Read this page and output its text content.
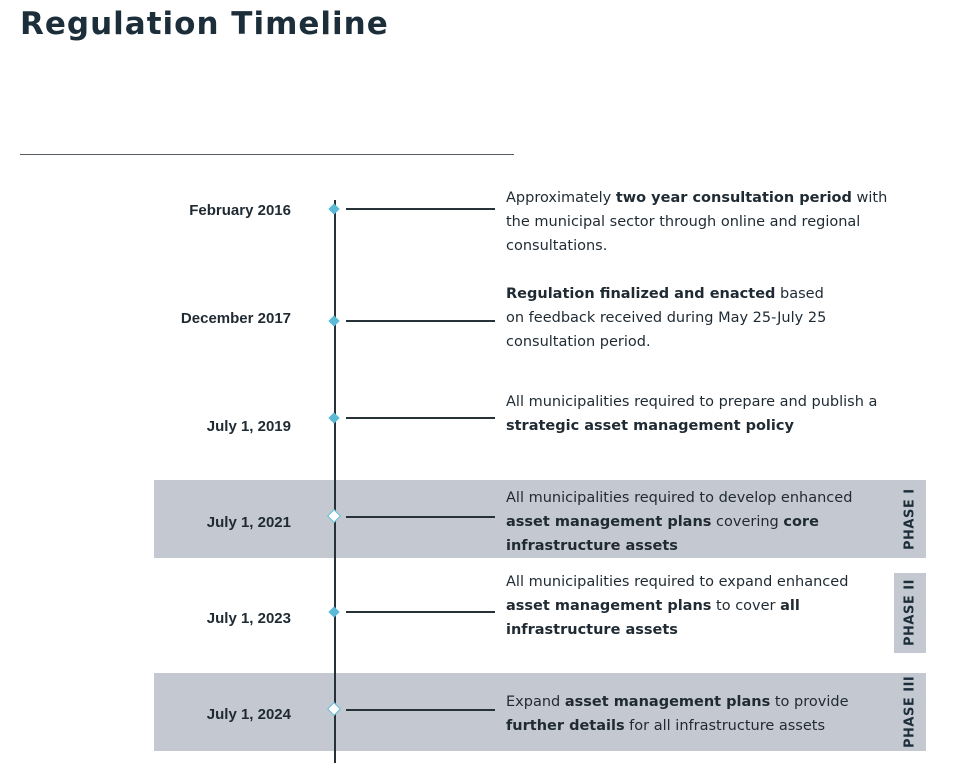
Regulation Timeline
PHASE I
PHASE II
PHASE III
February 2016
Approximately two year consultation period with the municipal sector through online and regional consultations.
December 2017
Regulation finalized and enacted based on feedback received during May 25-July 25 consultation period.
July 1, 2019
All municipalities required to prepare and publish a strategic asset management policy
July 1, 2021
All municipalities required to develop enhanced asset management plans covering core infrastructure assets
July 1, 2023
All municipalities required to expand enhanced asset management plans to cover all infrastructure assets
July 1, 2024
Expand asset management plans to provide further details for all infrastructure assets
